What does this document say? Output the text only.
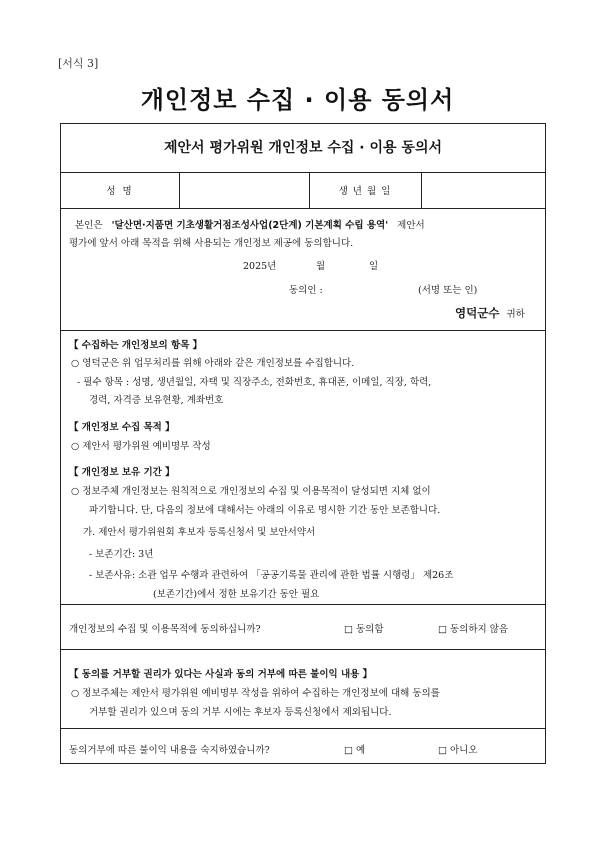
[서식 3]
개인정보 수집 · 이용 동의서
제안서 평가위원 개인정보 수집 · 이용 동의서
성 명	생 년 월 일
본인은 '달산면·지품면 기초생활거점조성사업(2단계) 기본계획 수립 용역' 제안서
평가에 앞서 아래 목적을 위해 사용되는 개인정보 제공에 동의합니다.
2025년	월	일
동의인 :	(서명 또는 인)
영덕군수 귀하
【 수집하는 개인정보의 항목 】
○ 영덕군은 위 업무처리를 위해 아래와 같은 개인정보를 수집합니다.
- 필수 항목 : 성명, 생년월일, 자택 및 직장주소, 전화번호, 휴대폰, 이메일, 직장, 학력,
경력, 자격증 보유현황, 계좌번호
【 개인정보 수집 목적 】
○ 제안서 평가위원 예비명부 작성
【 개인정보 보유 기간 】
○ 정보주체 개인정보는 원칙적으로 개인정보의 수집 및 이용목적이 달성되면 지체 없이
파기합니다. 단, 다음의 정보에 대해서는 아래의 이유로 명시한 기간 동안 보존합니다.
가. 제안서 평가위원회 후보자 등록신청서 및 보안서약서
- 보존기간: 3년
- 보존사유: 소관 업무 수행과 관련하여 「공공기록물 관리에 관한 법률 시행령」 제26조
(보존기간)에서 정한 보유기간 동안 필요
개인정보의 수집 및 이용목적에 동의하십니까?	□ 동의함	□ 동의하지 않음
【 동의를 거부할 권리가 있다는 사실과 동의 거부에 따른 불이익 내용 】
○ 정보주체는 제안서 평가위원 예비명부 작성을 위하여 수집하는 개인정보에 대해 동의를
거부할 권리가 있으며 동의 거부 시에는 후보자 등록신청에서 제외됩니다.
동의거부에 따른 불이익 내용을 숙지하였습니까?	□ 예	□ 아니오
